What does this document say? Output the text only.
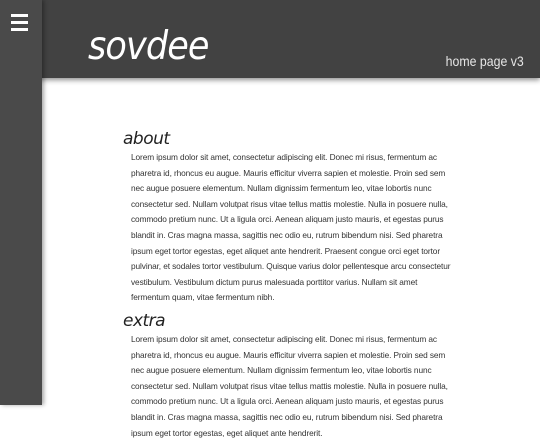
sovdee	home page v3
about

Lorem ipsum dolor sit amet, consectetur adipiscing elit. Donec mi risus, fermentum ac pharetra id, rhoncus eu augue. Mauris efficitur viverra sapien et molestie. Proin sed sem nec augue posuere elementum. Nullam dignissim fermentum leo, vitae lobortis nunc consectetur sed. Nullam volutpat risus vitae tellus mattis molestie. Nulla in posuere nulla, commodo pretium nunc. Ut a ligula orci. Aenean aliquam justo mauris, et egestas purus blandit in. Cras magna massa, sagittis nec odio eu, rutrum bibendum nisi. Sed pharetra ipsum eget tortor egestas, eget aliquet ante hendrerit. Praesent congue orci eget tortor pulvinar, et sodales tortor vestibulum. Quisque varius dolor pellentesque arcu consectetur vestibulum. Vestibulum dictum purus malesuada porttitor varius. Nullam sit amet fermentum quam, vitae fermentum nibh.

extra

Lorem ipsum dolor sit amet, consectetur adipiscing elit. Donec mi risus, fermentum ac pharetra id, rhoncus eu augue. Mauris efficitur viverra sapien et molestie. Proin sed sem nec augue posuere elementum. Nullam dignissim fermentum leo, vitae lobortis nunc consectetur sed. Nullam volutpat risus vitae tellus mattis molestie. Nulla in posuere nulla, commodo pretium nunc. Ut a ligula orci. Aenean aliquam justo mauris, et egestas purus blandit in. Cras magna massa, sagittis nec odio eu, rutrum bibendum nisi. Sed pharetra ipsum eget tortor egestas, eget aliquet ante hendrerit.
